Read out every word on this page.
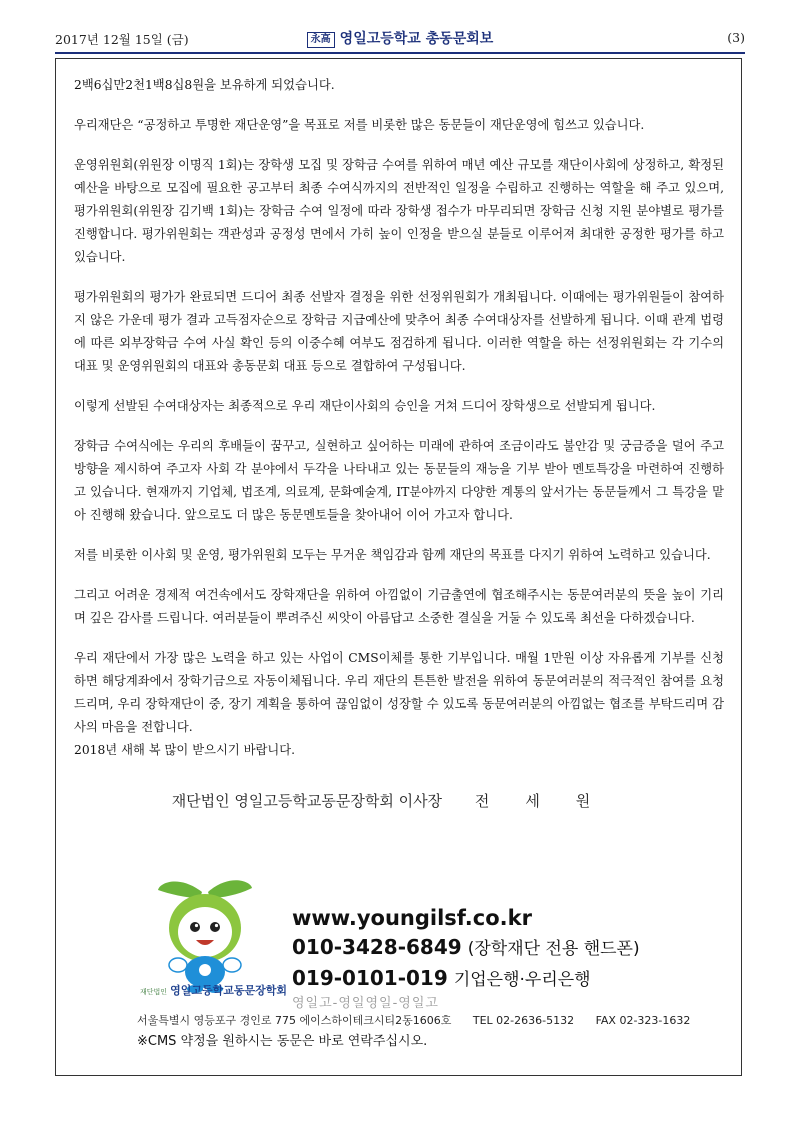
2017년 12월 15일 (금)	永高 영일고등학교 총동문회보	(3)

2백6십만2천1백8십8원을 보유하게 되었습니다.

우리재단은 “공정하고 투명한 재단운영”을 목표로 저를 비롯한 많은 동문들이 재단운영에 힘쓰고 있습니다.

운영위원회(위원장 이명직 1회)는 장학생 모집 및 장학금 수여를 위하여 매년 예산 규모를 재단이사회에 상정하고, 확정된 예산을 바탕으로 모집에 필요한 공고부터 최종 수여식까지의 전반적인 일정을 수립하고 진행하는 역할을 해 주고 있으며, 평가위원회(위원장 김기백 1회)는 장학금 수여 일정에 따라 장학생 접수가 마무리되면 장학금 신청 지원 분야별로 평가를 진행합니다. 평가위원회는 객관성과 공정성 면에서 가히 높이 인정을 받으실 분들로 이루어져 최대한 공정한 평가를 하고 있습니다.

평가위원회의 평가가 완료되면 드디어 최종 선발자 결정을 위한 선정위원회가 개최됩니다. 이때에는 평가위원들이 참여하지 않은 가운데 평가 결과 고득점자순으로 장학금 지급예산에 맞추어 최종 수여대상자를 선발하게 됩니다. 이때 관계 법령에 따른 외부장학금 수여 사실 확인 등의 이중수혜 여부도 점검하게 됩니다. 이러한 역할을 하는 선정위원회는 각 기수의 대표 및 운영위원회의 대표와 총동문회 대표 등으로 결합하여 구성됩니다.

이렇게 선발된 수여대상자는 최종적으로 우리 재단이사회의 승인을 거쳐 드디어 장학생으로 선발되게 됩니다.

장학금 수여식에는 우리의 후배들이 꿈꾸고, 실현하고 싶어하는 미래에 관하여 조금이라도 불안감 및 궁금증을 덜어 주고 방향을 제시하여 주고자 사회 각 분야에서 두각을 나타내고 있는 동문들의 재능을 기부 받아 멘토특강을 마련하여 진행하고 있습니다. 현재까지 기업체, 법조계, 의료계, 문화예술계, IT분야까지 다양한 계통의 앞서가는 동문들께서 그 특강을 맡아 진행해 왔습니다. 앞으로도 더 많은 동문멘토들을 찾아내어 이어 가고자 합니다.

저를 비롯한 이사회 및 운영, 평가위원회 모두는 무거운 책임감과 함께 재단의 목표를 다지기 위하여 노력하고 있습니다.

그리고 어려운 경제적 여건속에서도 장학재단을 위하여 아낌없이 기금출연에 협조해주시는 동문여러분의 뜻을 높이 기리며 깊은 감사를 드립니다. 여러분들이 뿌려주신 씨앗이 아름답고 소중한 결실을 거둘 수 있도록 최선을 다하겠습니다.

우리 재단에서 가장 많은 노력을 하고 있는 사업이 CMS이체를 통한 기부입니다. 매월 1만원 이상 자유롭게 기부를 신청하면 해당계좌에서 장학기금으로 자동이체됩니다. 우리 재단의 튼튼한 발전을 위하여 동문여러분의 적극적인 참여를 요청드리며, 우리 장학재단이 중, 장기 계획을 통하여 끊임없이 성장할 수 있도록 동문여러분의 아낌없는 협조를 부탁드리며 감사의 마음을 전합니다.

2018년 새해 복 많이 받으시기 바랍니다.

재단법인 영일고등학교동문장학회 이사장 전세원
재단법인 영일고등학교동문장학회
www.youngilsf.co.kr
010-3428-6849 (장학재단 전용 핸드폰)
019-0101-019 기업은행·우리은행
영일고-영일영일-영일고
서울특별시 영등포구 경인로 775 에이스하이테크시티2동1606호 TEL 02-2636-5132 FAX 02-323-1632
※CMS 약정을 원하시는 동문은 바로 연락주십시오.
